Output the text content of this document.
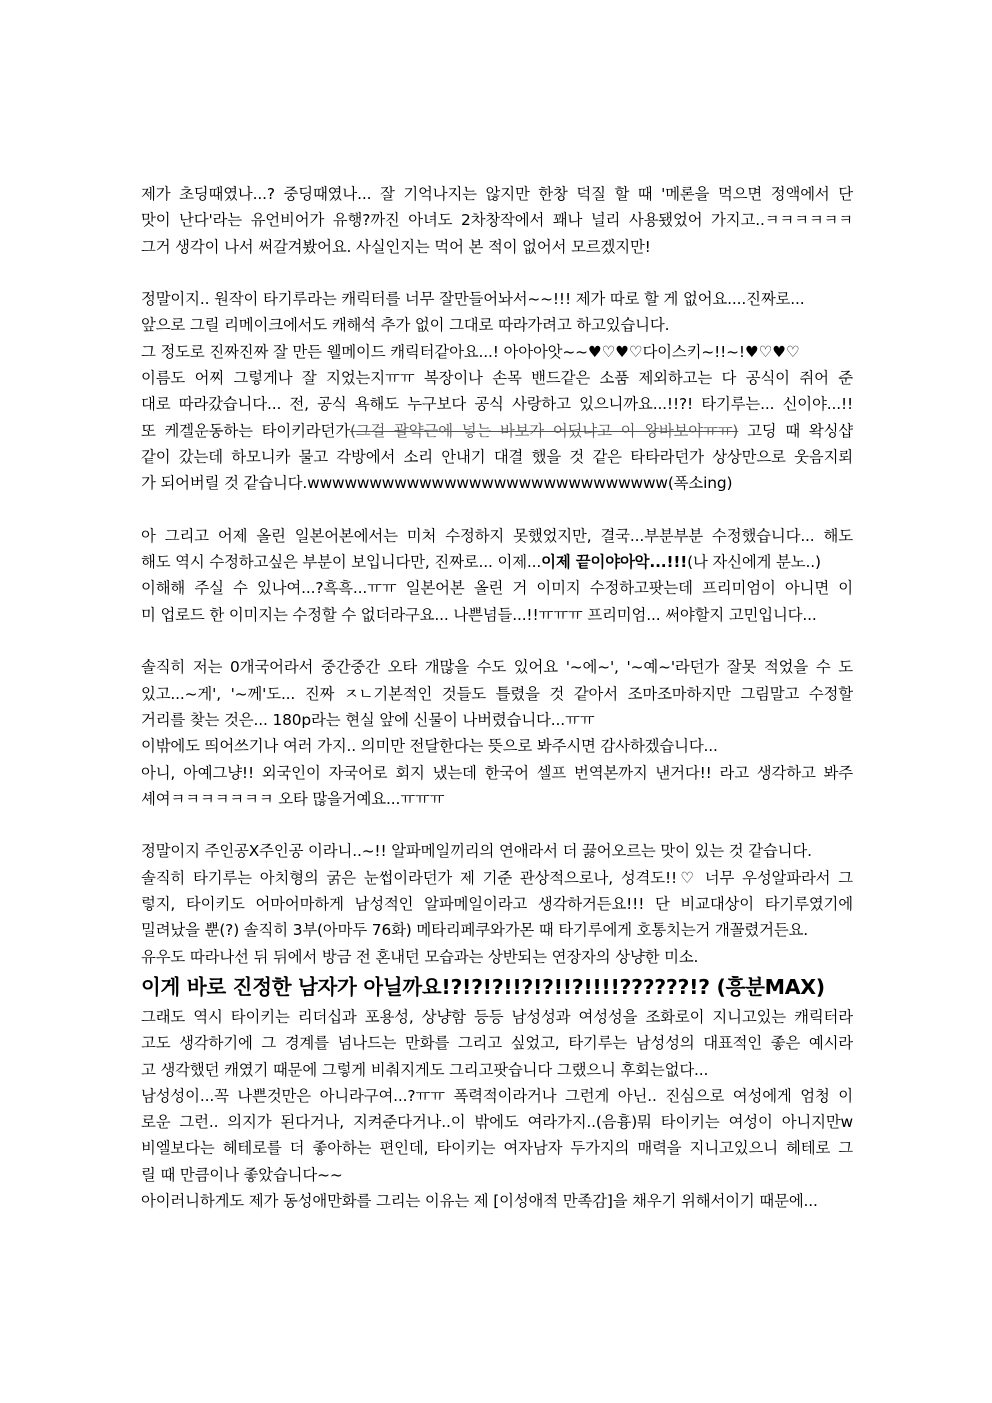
제가 초딩때였나...? 중딩때였나... 잘 기억나지는 않지만 한창 덕질 할 때 '메론을 먹으면 정액에서 단
맛이 난다'라는 유언비어가 유행?까진 아녀도 2차창작에서 꽤나 널리 사용됐었어 가지고..ㅋㅋㅋㅋㅋㅋ
그거 생각이 나서 써갈겨봤어요. 사실인지는 먹어 본 적이 없어서 모르겠지만!
정말이지.. 원작이 타기루라는 캐릭터를 너무 잘만들어놔서~~!!! 제가 따로 할 게 없어요....진짜로...
앞으로 그릴 리메이크에서도 캐해석 추가 없이 그대로 따라가려고 하고있습니다.
그 정도로 진짜진짜 잘 만든 웰메이드 캐릭터같아요...! 아아아앗~~♥♡♥♡다이스키~!!~!♥♡♥♡
이름도 어찌 그렇게나 잘 지었는지ㅠㅠ 복장이나 손목 밴드같은 소품 제외하고는 다 공식이 쥐어 준
대로 따라갔습니다... 전, 공식 욕해도 누구보다 공식 사랑하고 있으니까요...!!?! 타기루는... 신이야...!!
또 케겔운동하는 타이키라던가(그걸 괄약근에 넣는 바보가 어딨냐고 이 왕바보야ㅠㅠ) 고딩 때 왁싱샵
같이 갔는데 하모니카 물고 각방에서 소리 안내기 대결 했을 것 같은 타타라던가 상상만으로 웃음지뢰
가 되어버릴 것 같습니다.wwwwwwwwwwwwwwwwwwwwwwwwwwwww(폭소ing)
아 그리고 어제 올린 일본어본에서는 미처 수정하지 못했었지만, 결국...부분부분 수정했습니다... 해도
해도 역시 수정하고싶은 부분이 보입니다만, 진짜로... 이제...이제 끝이야아악...!!!(나 자신에게 분노..)
이해해 주실 수 있나여...?흑흑...ㅠㅠ 일본어본 올린 거 이미지 수정하고팟는데 프리미엄이 아니면 이
미 업로드 한 이미지는 수정할 수 없더라구요... 나쁜넘들...!!ㅠㅠㅠ 프리미엄... 써야할지 고민입니다...
솔직히 저는 0개국어라서 중간중간 오타 개많을 수도 있어요 '~에~', '~예~'라던가 잘못 적었을 수 도
있고...~게', '~께'도... 진짜 ㅈㄴ기본적인 것들도 틀렸을 것 같아서 조마조마하지만 그림말고 수정할
거리를 찾는 것은... 180p라는 현실 앞에 신물이 나버렸습니다...ㅠㅠ
이밖에도 띄어쓰기나 여러 가지.. 의미만 전달한다는 뜻으로 봐주시면 감사하겠습니다...
아니, 아예그냥!! 외국인이 자국어로 회지 냈는데 한국어 셀프 번역본까지 낸거다!! 라고 생각하고 봐주
셰여ㅋㅋㅋㅋㅋㅋㅋ 오타 많을거예요...ㅠㅠㅠ
정말이지 주인공X주인공 이라니..~!! 알파메일끼리의 연애라서 더 끓어오르는 맛이 있는 것 같습니다.
솔직히 타기루는 아치형의 굵은 눈썹이라던가 제 기준 관상적으로나, 성격도!!♡ 너무 우성알파라서 그
렇지, 타이키도 어마어마하게 남성적인 알파메일이라고 생각하거든요!!! 단 비교대상이 타기루였기에
밀려났을 뿐(?) 솔직히 3부(아마두 76화) 메타리페쿠와가몬 때 타기루에게 호통치는거 개꼴렸거든요.
유우도 따라나선 뒤 뒤에서 방금 전 혼내던 모습과는 상반되는 연장자의 상냥한 미소.
이게 바로 진정한 남자가 아닐까요!?!?!?!!?!?!!?!!!!??????!? (흥분MAX)
그래도 역시 타이키는 리더십과 포용성, 상냥함 등등 남성성과 여성성을 조화로이 지니고있는 캐릭터라
고도 생각하기에 그 경계를 넘나드는 만화를 그리고 싶었고, 타기루는 남성성의 대표적인 좋은 예시라
고 생각했던 캐였기 때문에 그렇게 비춰지게도 그리고팟습니다 그랬으니 후회는없다...
남성성이...꼭 나쁜것만은 아니라구여...?ㅠㅠ 폭력적이라거나 그런게 아닌.. 진심으로 여성에게 엄청 이
로운 그런.. 의지가 된다거나, 지켜준다거나..이 밖에도 여라가지..(음흉)뭐 타이키는 여성이 아니지만w
비엘보다는 헤테로를 더 좋아하는 편인데, 타이키는 여자남자 두가지의 매력을 지니고있으니 헤테로 그
릴 때 만큼이나 좋았습니다~~
아이러니하게도 제가 동성애만화를 그리는 이유는 제 [이성애적 만족감]을 채우기 위해서이기 때문에...
